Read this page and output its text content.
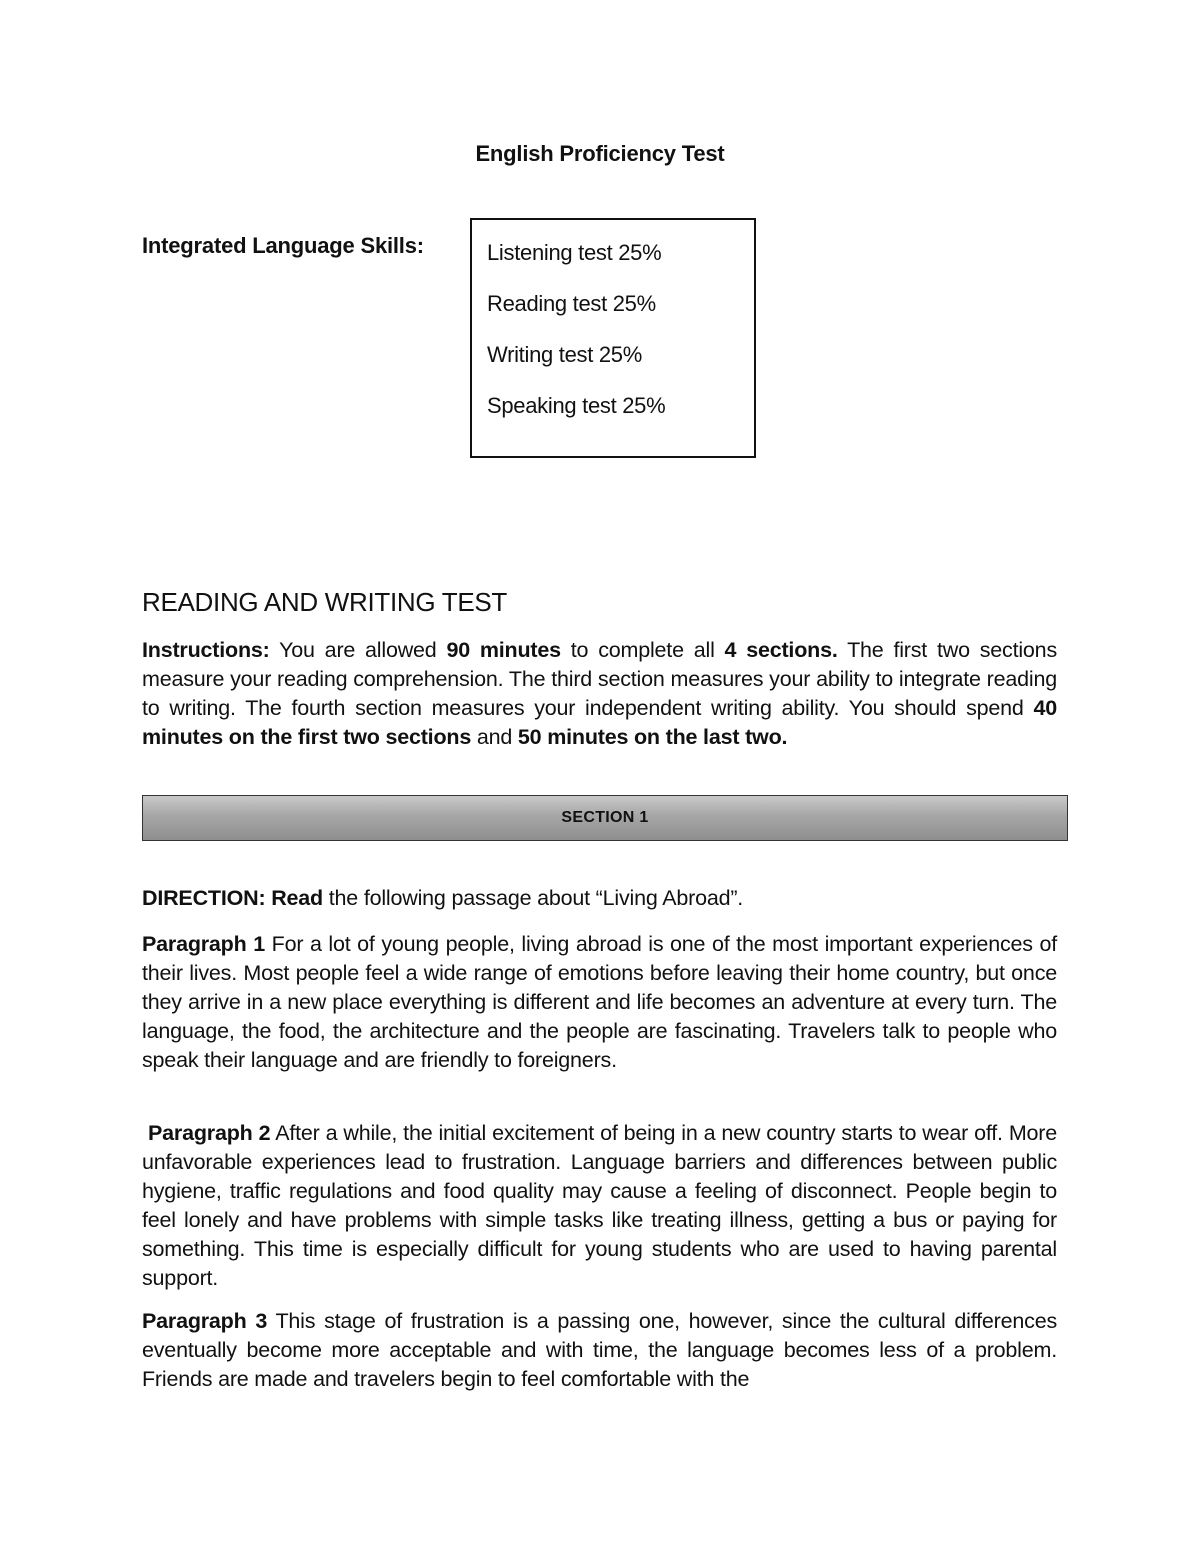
English Proficiency Test
Integrated Language Skills:	Listening test 25%
Reading test 25%
Writing test 25%
Speaking test 25%
READING AND WRITING TEST

Instructions: You are allowed 90 minutes to complete all 4 sections. The first two sections measure your reading comprehension. The third section measures your ability to integrate reading to writing. The fourth section measures your independent writing ability. You should spend 40 minutes on the first two sections and 50 minutes on the last two.

SECTION 1

DIRECTION: Read the following passage about “Living Abroad”.

Paragraph 1 For a lot of young people, living abroad is one of the most important experiences of their lives. Most people feel a wide range of emotions before leaving their home country, but once they arrive in a new place everything is different and life becomes an adventure at every turn. The language, the food, the architecture and the people are fascinating. Travelers talk to people who speak their language and are friendly to foreigners.

Paragraph 2 After a while, the initial excitement of being in a new country starts to wear off. More unfavorable experiences lead to frustration. Language barriers and differences between public hygiene, traffic regulations and food quality may cause a feeling of disconnect. People begin to feel lonely and have problems with simple tasks like treating illness, getting a bus or paying for something. This time is especially difficult for young students who are used to having parental support.

Paragraph 3 This stage of frustration is a passing one, however, since the cultural differences eventually become more acceptable and with time, the language becomes less of a problem. Friends are made and travelers begin to feel comfortable with the
